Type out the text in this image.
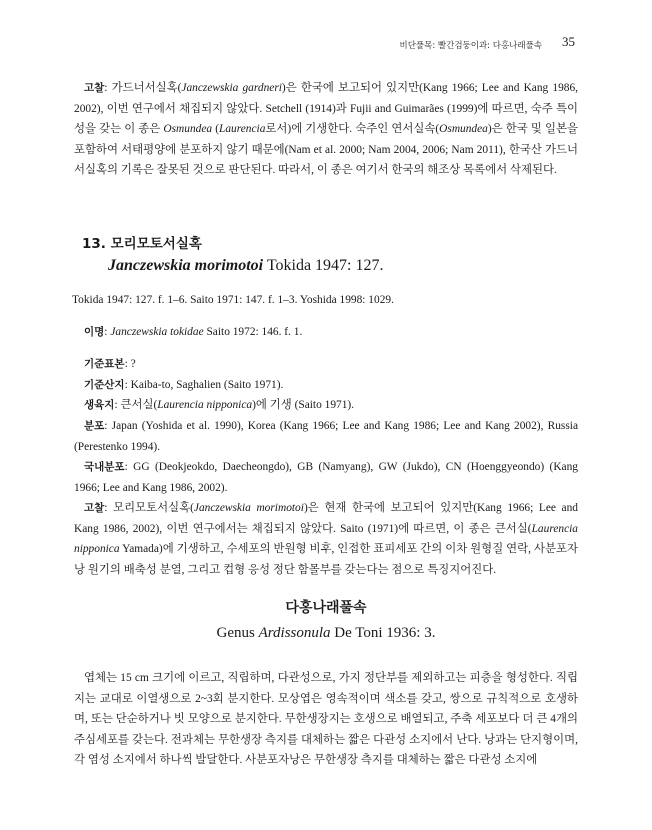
비단풀목: 빨간검둥이과: 다홍나래풀속 35

고찰: 가드너서실혹(Janczewskia gardneri)은 한국에 보고되어 있지만(Kang 1966; Lee and Kang 1986, 2002), 이번 연구에서 채집되지 않았다. Setchell (1914)과 Fujii and Guimarães (1999)에 따르면, 숙주 특이성을 갖는 이 종은 Osmundea (Laurencia로서)에 기생한다. 숙주인 연서실속(Osmundea)은 한국 및 일본을 포함하여 서태평양에 분포하지 않기 때문에(Nam et al. 2000; Nam 2004, 2006; Nam 2011), 한국산 가드너서실혹의 기록은 잘못된 것으로 판단된다. 따라서, 이 종은 여기서 한국의 해조상 목록에서 삭제된다.

13. 모리모토서실혹
Janczewskia morimotoi Tokida 1947: 127.

Tokida 1947: 127. f. 1–6. Saito 1971: 147. f. 1–3. Yoshida 1998: 1029.

이명: Janczewskia tokidae Saito 1972: 146. f. 1.

기준표본: ?

기준산지: Kaiba-to, Saghalien (Saito 1971).

생육지: 큰서실(Laurencia nipponica)에 기생 (Saito 1971).

분포: Japan (Yoshida et al. 1990), Korea (Kang 1966; Lee and Kang 1986; Lee and Kang 2002), Russia (Perestenko 1994).

국내분포: GG (Deokjeokdo, Daecheongdo), GB (Namyang), GW (Jukdo), CN (Hoenggyeondo) (Kang 1966; Lee and Kang 1986, 2002).

고찰: 모리모토서실혹(Janczewskia morimotoi)은 현재 한국에 보고되어 있지만(Kang 1966; Lee and Kang 1986, 2002), 이번 연구에서는 채집되지 않았다. Saito (1971)에 따르면, 이 종은 큰서실(Laurencia nipponica Yamada)에 기생하고, 수세포의 반원형 비후, 인접한 표피세포 간의 이차 원형질 연락, 사분포자낭 원기의 배축성 분열, 그리고 컵형 응성 정단 함몰부를 갖는다는 점으로 특징지어진다.

다홍나래풀속
Genus Ardissonula De Toni 1936: 3.

엽체는 15 cm 크기에 이르고, 직립하며, 다관성으로, 가지 정단부를 제외하고는 피층을 형성한다. 직립지는 교대로 이열생으로 2~3회 분지한다. 모상엽은 영속적이며 색소를 갖고, 쌍으로 규칙적으로 호생하며, 또는 단순하거나 빗 모양으로 분지한다. 무한생장지는 호생으로 배열되고, 주축 세포보다 더 큰 4개의 주심세포를 갖는다. 전과체는 무한생장 측지를 대체하는 짧은 다관성 소지에서 난다. 낭과는 단지형이며, 각 염성 소지에서 하나씩 발달한다. 사분포자낭은 무한생장 측지를 대체하는 짧은 다관성 소지에
